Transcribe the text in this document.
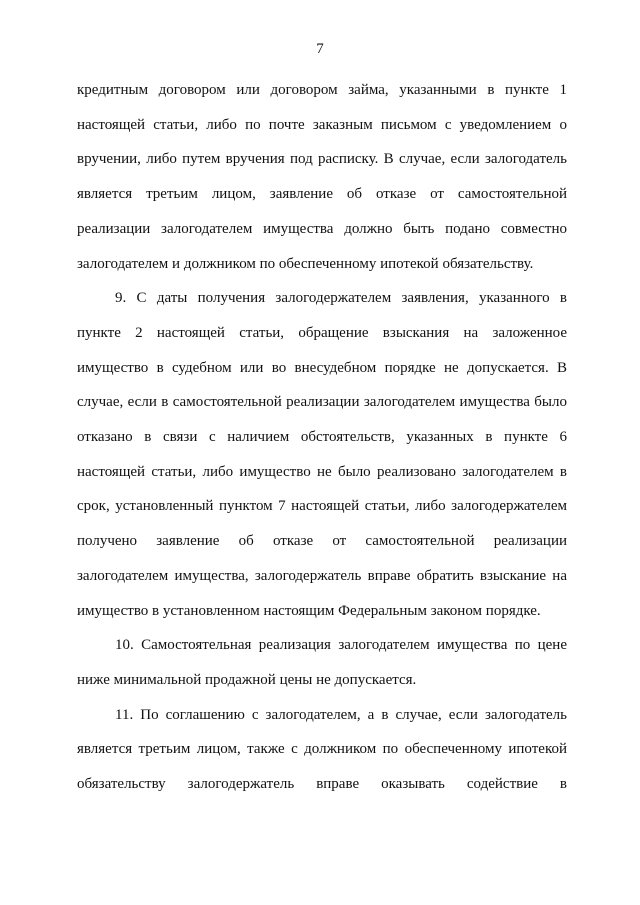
7

кредитным договором или договором займа, указанными в пункте 1 настоящей статьи, либо по почте заказным письмом с уведомлением о вручении, либо путем вручения под расписку. В случае, если залогодатель является третьим лицом, заявление об отказе от самостоятельной реализации залогодателем имущества должно быть подано совместно залогодателем и должником по обеспеченному ипотекой обязательству.

9. С даты получения залогодержателем заявления, указанного в пункте 2 настоящей статьи, обращение взыскания на заложенное имущество в судебном или во внесудебном порядке не допускается. В случае, если в самостоятельной реализации залогодателем имущества было отказано в связи с наличием обстоятельств, указанных в пункте 6 настоящей статьи, либо имущество не было реализовано залогодателем в срок, установленный пунктом 7 настоящей статьи, либо залогодержателем получено заявление об отказе от самостоятельной реализации залогодателем имущества, залогодержатель вправе обратить взыскание на имущество в установленном настоящим Федеральным законом порядке.

10. Самостоятельная реализация залогодателем имущества по цене ниже минимальной продажной цены не допускается.

11. По соглашению с залогодателем, а в случае, если залогодатель является третьим лицом, также с должником по обеспеченному ипотекой обязательству залогодержатель вправе оказывать содействие в
